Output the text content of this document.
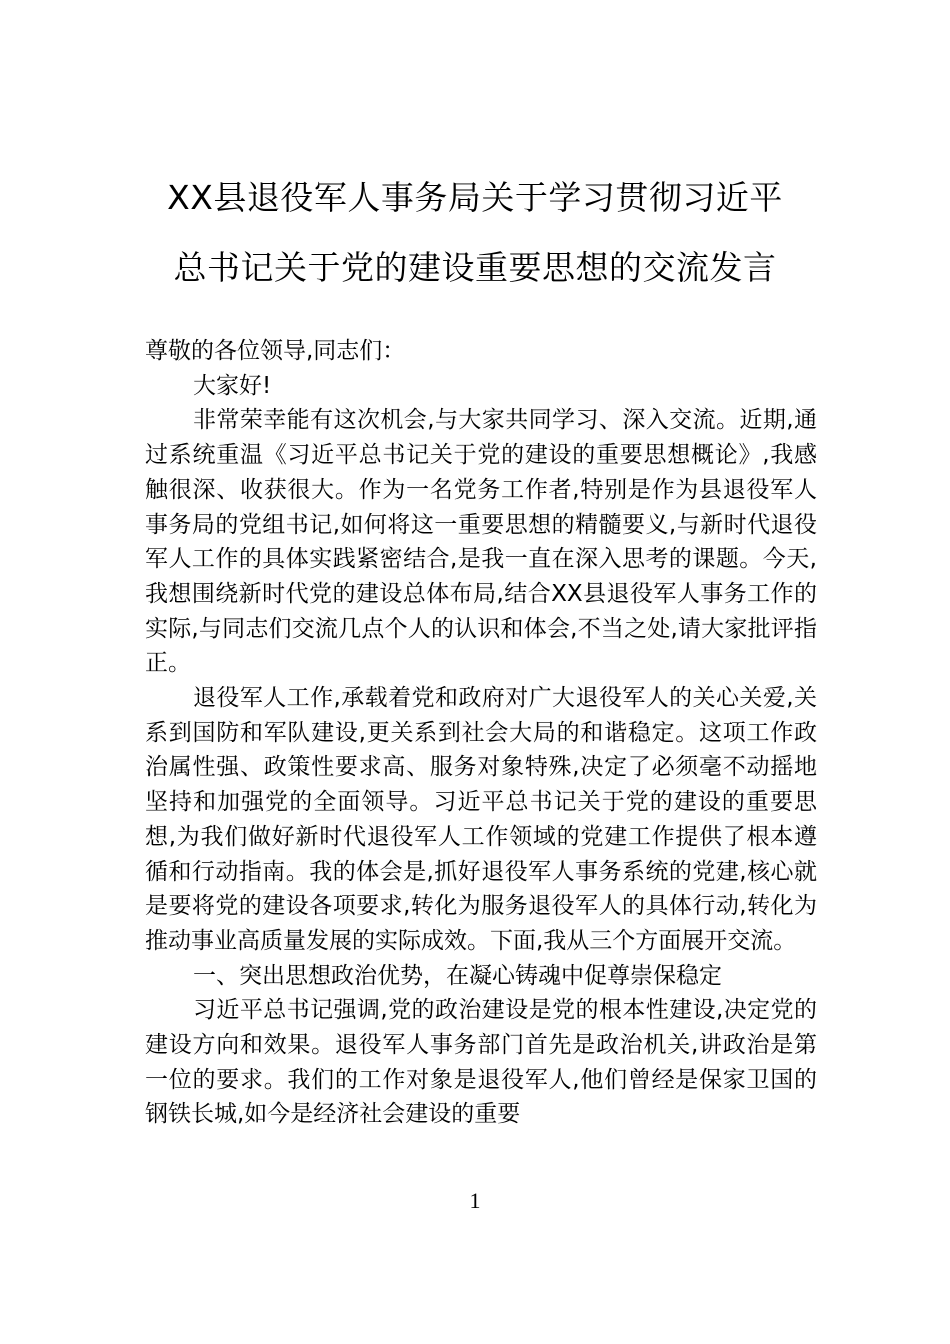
XX县退役军人事务局关于学习贯彻习近平
总书记关于党的建设重要思想的交流发言

尊敬的各位领导,同志们：

大家好!

非常荣幸能有这次机会,与大家共同学习、深入交流。近期,通过系统重温《习近平总书记关于党的建设的重要思想概论》,我感触很深、收获很大。作为一名党务工作者,特别是作为县退役军人事务局的党组书记,如何将这一重要思想的精髓要义,与新时代退役军人工作的具体实践紧密结合,是我一直在深入思考的课题。今天,我想围绕新时代党的建设总体布局,结合XX县退役军人事务工作的实际,与同志们交流几点个人的认识和体会,不当之处,请大家批评指正。

退役军人工作,承载着党和政府对广大退役军人的关心关爱,关系到国防和军队建设,更关系到社会大局的和谐稳定。这项工作政治属性强、政策性要求高、服务对象特殊,决定了必须毫不动摇地坚持和加强党的全面领导。习近平总书记关于党的建设的重要思想,为我们做好新时代退役军人工作领域的党建工作提供了根本遵循和行动指南。我的体会是,抓好退役军人事务系统的党建,核心就是要将党的建设各项要求,转化为服务退役军人的具体行动,转化为推动事业高质量发展的实际成效。下面,我从三个方面展开交流。

一、突出思想政治优势，在凝心铸魂中促尊崇保稳定

习近平总书记强调,党的政治建设是党的根本性建设,决定党的建设方向和效果。退役军人事务部门首先是政治机关,讲政治是第一位的要求。我们的工作对象是退役军人,他们曾经是保家卫国的钢铁长城,如今是经济社会建设的重要

1
